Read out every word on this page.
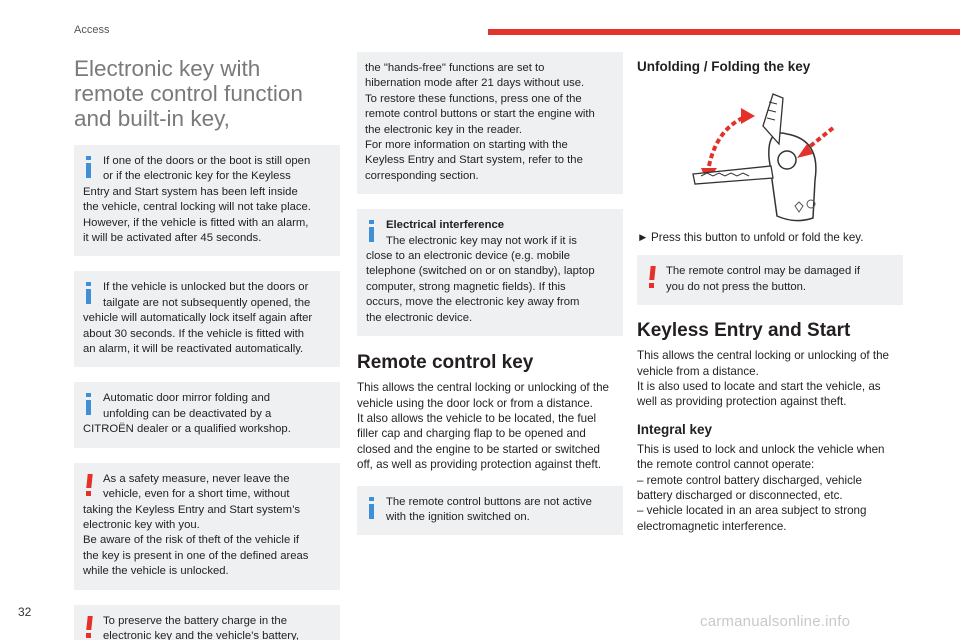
Access
Electronic key with
remote control function
and built-in key,
If one of the doors or the boot is still open
or if the electronic key for the Keyless
Entry and Start system has been left inside
the vehicle, central locking will not take place.
However, if the vehicle is fitted with an alarm,
it will be activated after 45 seconds.
If the vehicle is unlocked but the doors or
tailgate are not subsequently opened, the
vehicle will automatically lock itself again after
about 30 seconds. If the vehicle is fitted with
an alarm, it will be reactivated automatically.
Automatic door mirror folding and
unfolding can be deactivated by a
CITROËN dealer or a qualified workshop.
As a safety measure, never leave the
vehicle, even for a short time, without
taking the Keyless Entry and Start system’s
electronic key with you.
Be aware of the risk of theft of the vehicle if
the key is present in one of the defined areas
while the vehicle is unlocked.
To preserve the battery charge in the
electronic key and the vehicle's battery,
the "hands-free" functions are set to
hibernation mode after 21 days without use.
To restore these functions, press one of the
remote control buttons or start the engine with
the electronic key in the reader.
For more information on starting with the
Keyless Entry and Start system, refer to the
corresponding section.
Electrical interference
The electronic key may not work if it is
close to an electronic device (e.g. mobile
telephone (switched on or on standby), laptop
computer, strong magnetic fields). If this
occurs, move the electronic key away from
the electronic device.
Remote control key
This allows the central locking or unlocking of the
vehicle using the door lock or from a distance.
It also allows the vehicle to be located, the fuel
filler cap and charging flap to be opened and
closed and the engine to be started or switched
off, as well as providing protection against theft.
The remote control buttons are not active
with the ignition switched on.
Unfolding / Folding the key
► Press this button to unfold or fold the key.
The remote control may be damaged if
you do not press the button.
Keyless Entry and Start
This allows the central locking or unlocking of the
vehicle from a distance.
It is also used to locate and start the vehicle, as
well as providing protection against theft.
Integral key
This is used to lock and unlock the vehicle when
the remote control cannot operate:
– remote control battery discharged, vehicle
battery discharged or disconnected, etc.
– vehicle located in an area subject to strong
electromagnetic interference.
32
carmanualsonline.info
